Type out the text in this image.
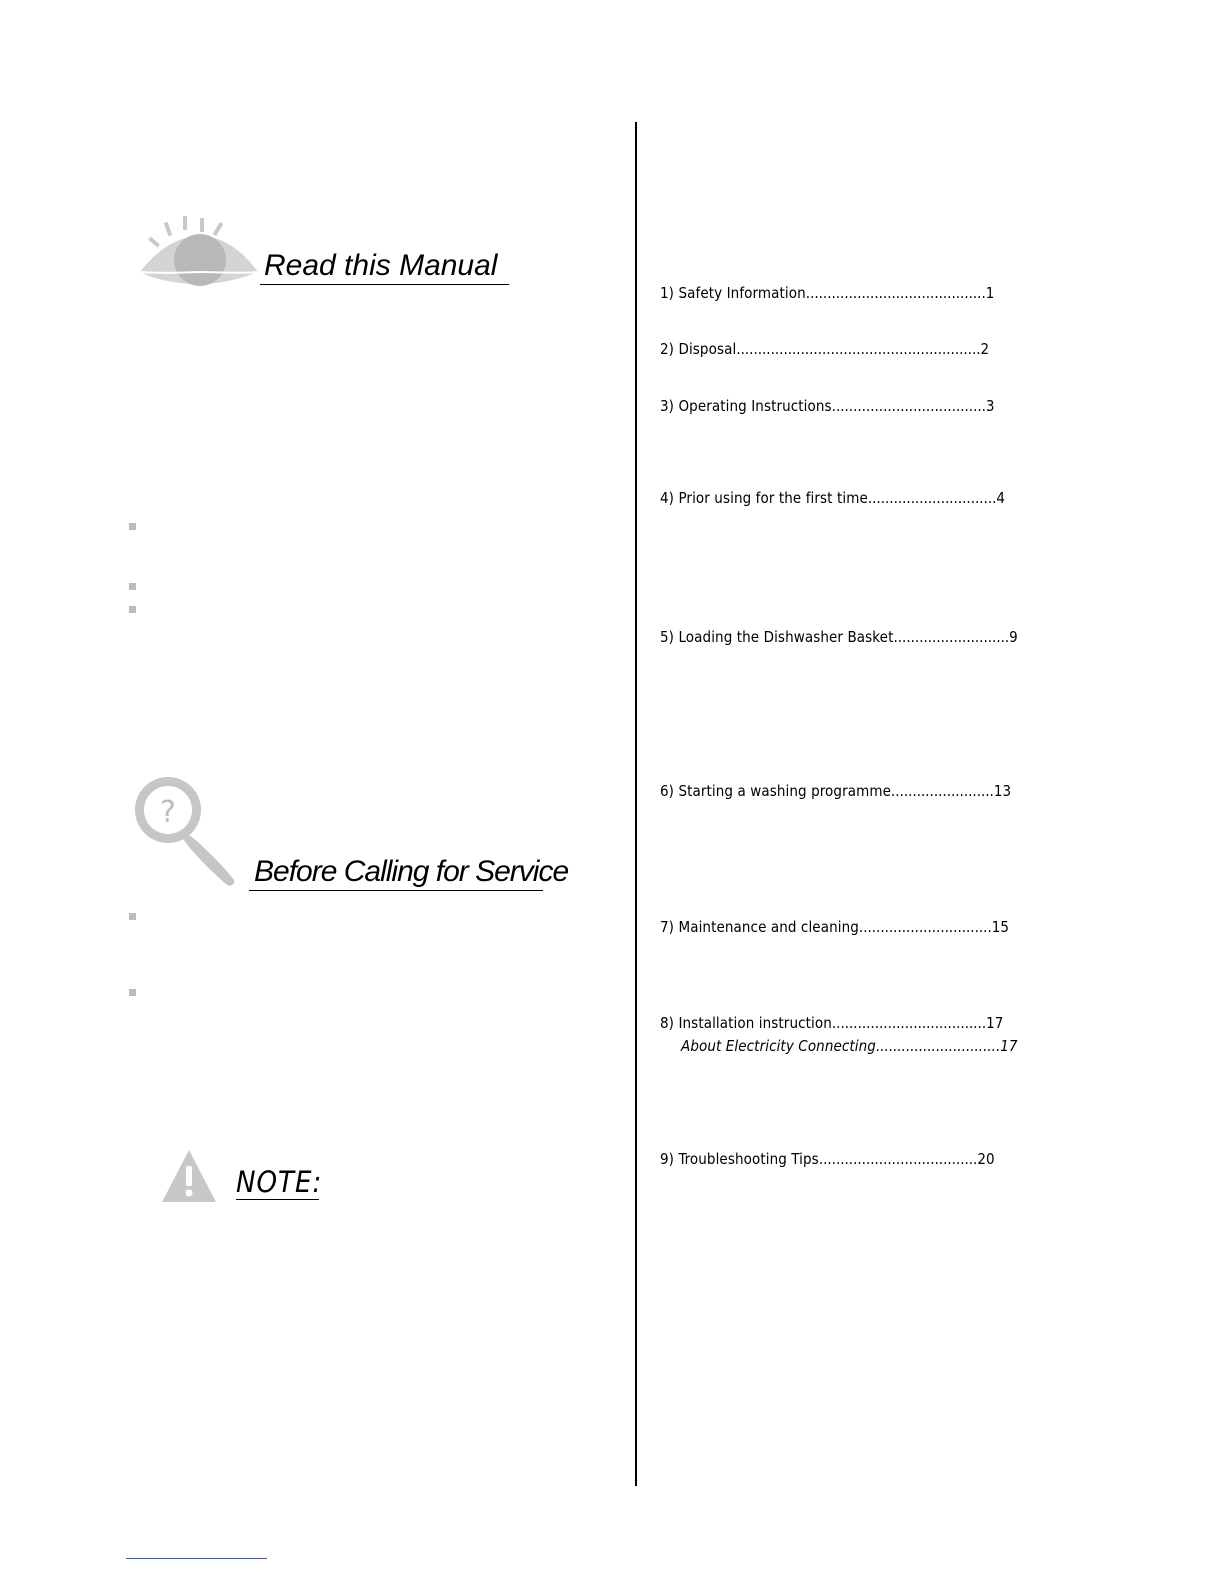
Read this Manual
?
Before Calling for Service
NOTE:
1) Safety Information..........................................1
2) Disposal.........................................................2
3) Operating Instructions....................................3
4) Prior using for the first time..............................4
5) Loading the Dishwasher Basket...........................9
6) Starting a washing programme........................13
7) Maintenance and cleaning...............................15
8) Installation instruction....................................17
About Electricity Connecting.............................17
9) Troubleshooting Tips.....................................20
